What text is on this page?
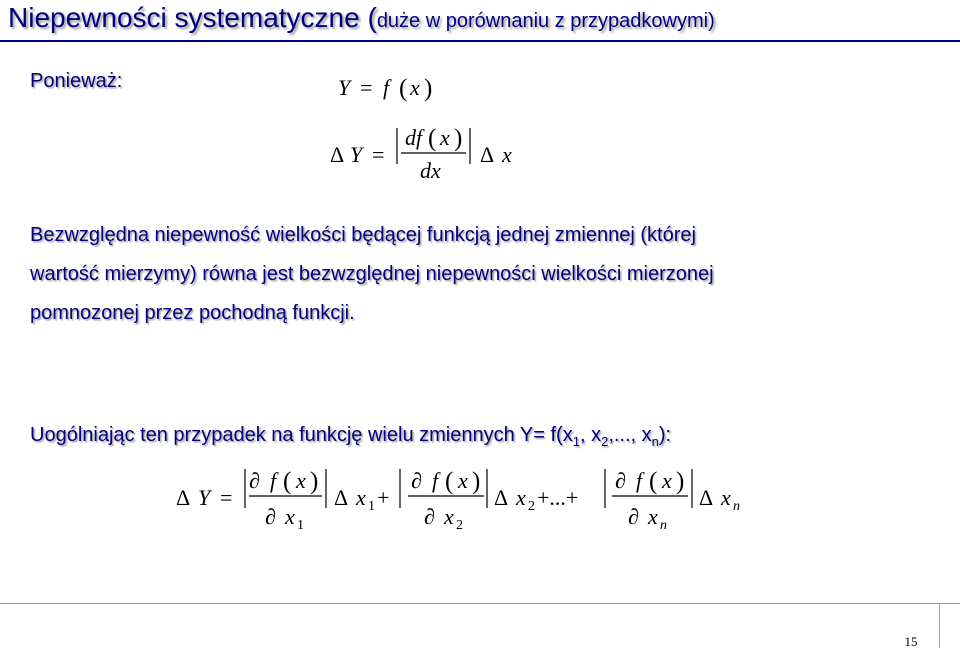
Niepewności systematyczne (duże w porównaniu z przypadkowymi)
Ponieważ:
Bezwzględna niepewność wielkości będącej funkcją jednej zmiennej (której
wartość mierzymy) równa jest bezwzględnej niepewności wielkości mierzonej
pomnozonej przez pochodną funkcji.
Uogólniając ten przypadek na funkcję wielu zmiennych $Y= f(x_1$, $x_2$,..., $x_n$):
Y = f ( x )
Δ Y =
df ( x )
dx
Δ x
Δ Y =
∂ f ( x )
∂ x 1
Δ x 1 +
∂ f ( x )
∂ x 2
Δ x 2 +...+
∂ f ( x )
∂ x n
Δ x n
15
